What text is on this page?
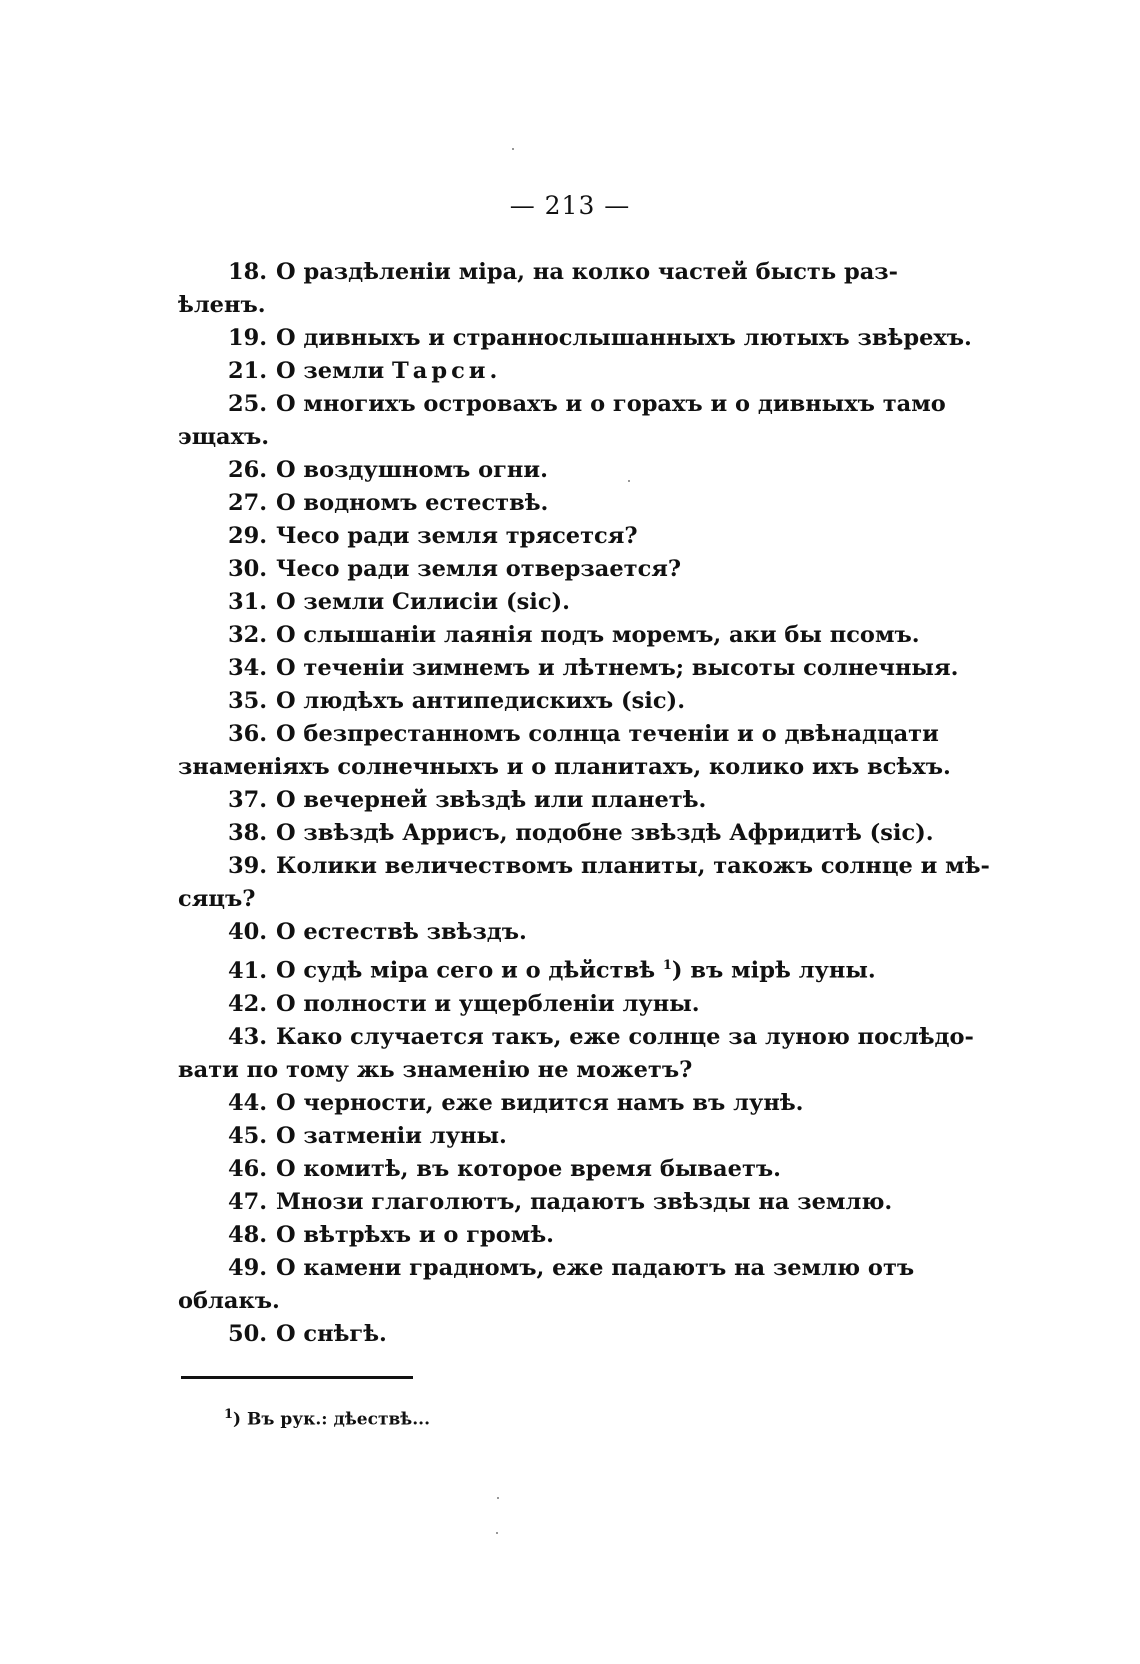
— 213 —
18. О раздѣленіи міра, на колко частей бысть раз-
ѣленъ.
19. О дивныхъ и страннослышанныхъ лютыхъ звѣрехъ.
21. О земли Тарси.
25. О многихъ островахъ и о горахъ и о дивныхъ тамо
эщахъ.
26. О воздушномъ огни.
27. О водномъ естествѣ.
29. Чесо ради земля трясется?
30. Чесо ради земля отверзается?
31. О земли Силисіи (sic).
32. О слышаніи лаянія подъ моремъ, аки бы псомъ.
34. О теченіи зимнемъ и лѣтнемъ; высоты солнечныя.
35. О людѣхъ антипедискихъ (sic).
36. О безпрестанномъ солнца теченіи и о двѣнадцати
знаменіяхъ солнечныхъ и о планитахъ, колико ихъ всѣхъ.
37. О вечерней звѣздѣ или планетѣ.
38. О звѣздѣ Аррисъ, подобне звѣздѣ Афридитѣ (sic).
39. Колики величествомъ планиты, такожъ солнце и мѣ-
сяцъ?
40. О естествѣ звѣздъ.
41. О судѣ міра сего и о дѣйствѣ $^1$) въ мірѣ луны.
42. О полности и ущербленіи луны.
43. Како случается такъ, еже солнце за луною послѣдо-
вати по тому жь знаменію не можетъ?
44. О черности, еже видится намъ въ лунѣ.
45. О затменіи луны.
46. О комитѣ, въ которое время бываетъ.
47. Мнози глаголютъ, падаютъ звѣзды на землю.
48. О вѣтрѣхъ и о громѣ.
49. О камени градномъ, еже падаютъ на землю отъ
облакъ.
50. О снѣгѣ.
$^1$) Въ рук.: дѣествѣ...
